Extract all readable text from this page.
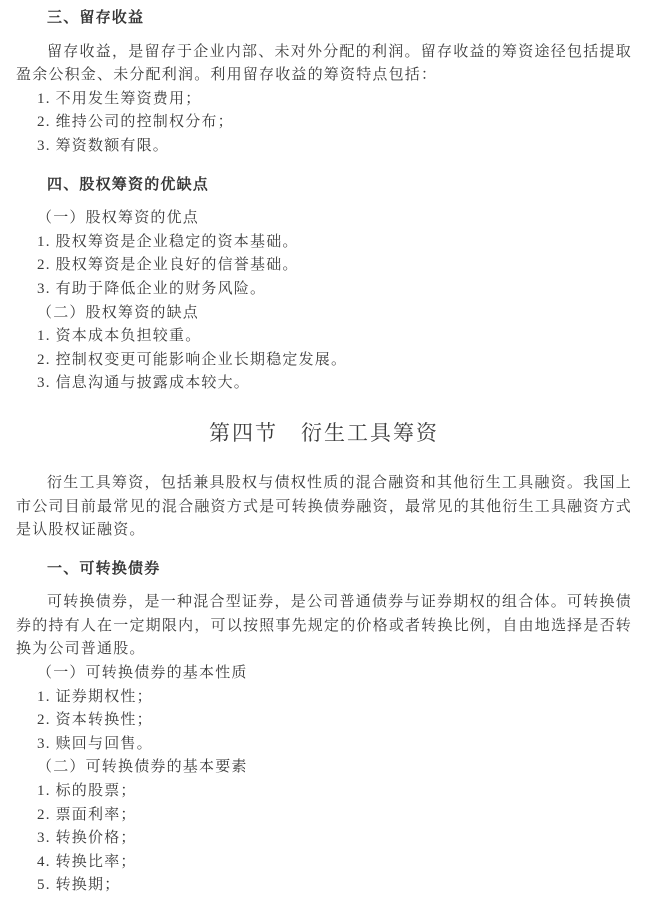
三、留存收益
留存收益，是留存于企业内部、未对外分配的利润。留存收益的筹资途径包括提取盈余公积金、未分配利润。利用留存收益的筹资特点包括：
1. 不用发生筹资费用；
2. 维持公司的控制权分布；
3. 筹资数额有限。
四、股权筹资的优缺点
（一）股权筹资的优点
1. 股权筹资是企业稳定的资本基础。
2. 股权筹资是企业良好的信誉基础。
3. 有助于降低企业的财务风险。
（二）股权筹资的缺点
1. 资本成本负担较重。
2. 控制权变更可能影响企业长期稳定发展。
3. 信息沟通与披露成本较大。
第四节　衍生工具筹资
衍生工具筹资，包括兼具股权与债权性质的混合融资和其他衍生工具融资。我国上市公司目前最常见的混合融资方式是可转换债券融资，最常见的其他衍生工具融资方式是认股权证融资。
一、可转换债券
可转换债券，是一种混合型证券，是公司普通债券与证券期权的组合体。可转换债券的持有人在一定期限内，可以按照事先规定的价格或者转换比例，自由地选择是否转换为公司普通股。
（一）可转换债券的基本性质
1. 证券期权性；
2. 资本转换性；
3. 赎回与回售。
（二）可转换债券的基本要素
1. 标的股票；
2. 票面利率；
3. 转换价格；
4. 转换比率；
5. 转换期；
